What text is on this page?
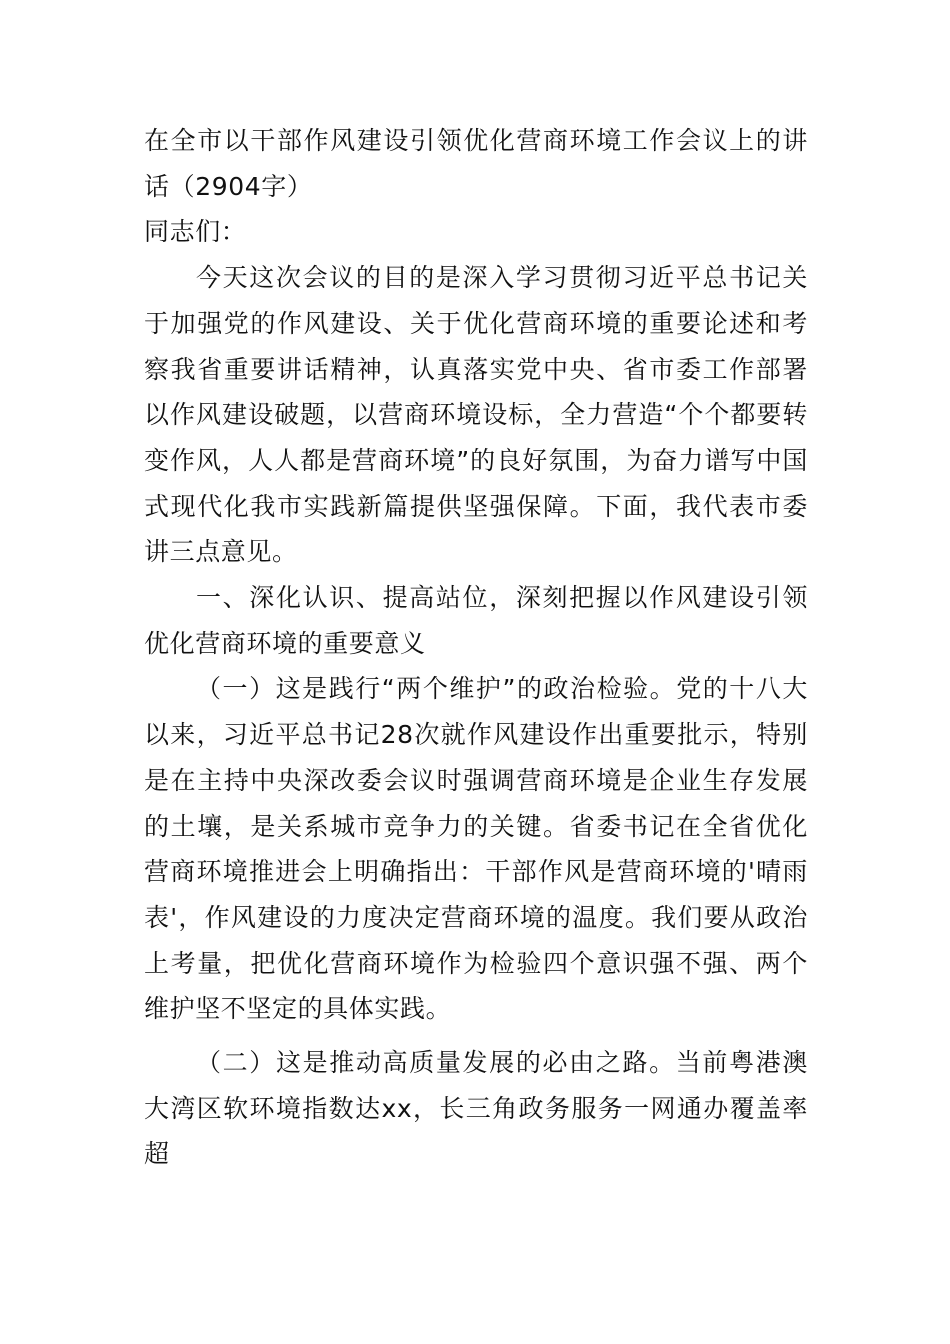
在全市以干部作风建设引领优化营商环境工作会议上的讲话（2904字）

同志们：

今天这次会议的目的是深入学习贯彻习近平总书记关于加强党的作风建设、关于优化营商环境的重要论述和考察我省重要讲话精神，认真落实党中央、省市委工作部署以作风建设破题，以营商环境设标，全力营造“个个都要转变作风，人人都是营商环境”的良好氛围，为奋力谱写中国式现代化我市实践新篇提供坚强保障。下面，我代表市委讲三点意见。

一、深化认识、提高站位，深刻把握以作风建设引领优化营商环境的重要意义

（一）这是践行“两个维护”的政治检验。党的十八大以来，习近平总书记28次就作风建设作出重要批示，特别是在主持中央深改委会议时强调营商环境是企业生存发展的土壤，是关系城市竞争力的关键。省委书记在全省优化营商环境推进会上明确指出：干部作风是营商环境的'晴雨表'，作风建设的力度决定营商环境的温度。我们要从政治上考量，把优化营商环境作为检验四个意识强不强、两个维护坚不坚定的具体实践。

（二）这是推动高质量发展的必由之路。当前粤港澳大湾区软环境指数达xx，长三角政务服务一网通办覆盖率超
